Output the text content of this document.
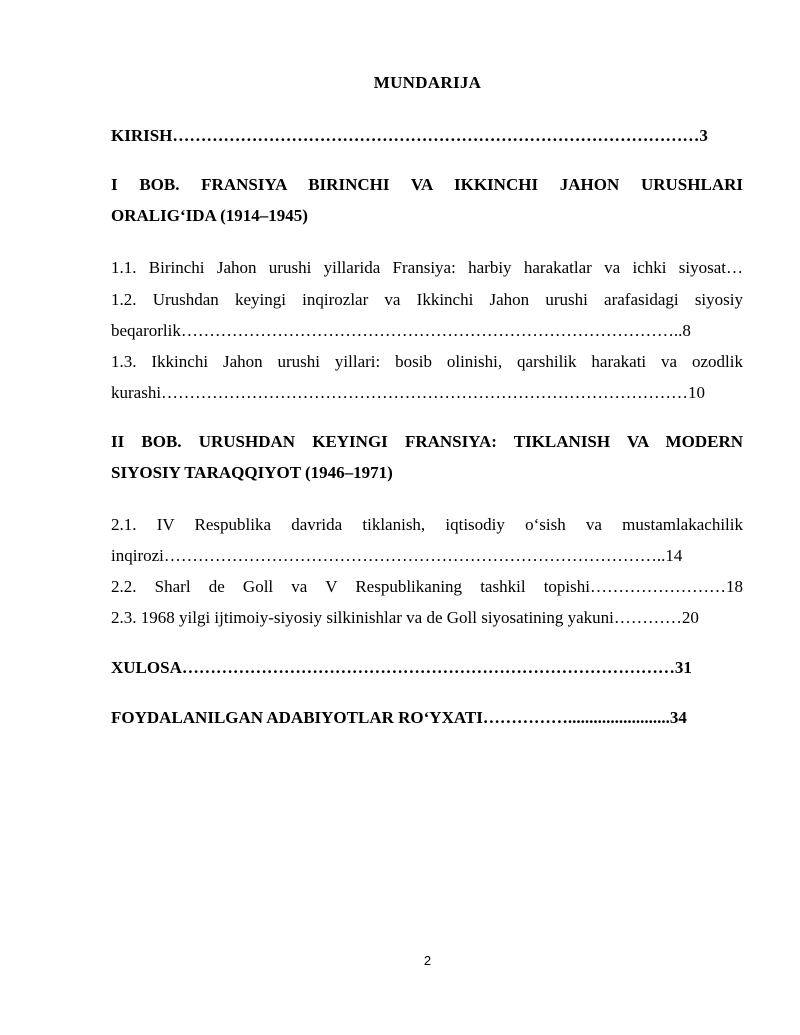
MUNDARIJA
KIRISH…………………………………………………………………………………3
I BOB. FRANSIYA BIRINCHI VA IKKINCHI JAHON URUSHLARI
ORALIG‘IDA (1914–1945)
1.1. Birinchi Jahon urushi yillarida Fransiya: harbiy harakatlar va ichki siyosat…
1.2. Urushdan keyingi inqirozlar va Ikkinchi Jahon urushi arafasidagi siyosiy
beqarorlik……………………………………………………………………………..8
1.3. Ikkinchi Jahon urushi yillari: bosib olinishi, qarshilik harakati va ozodlik
kurashi…………………………………………………………………………………10
II BOB. URUSHDAN KEYINGI FRANSIYA: TIKLANISH VA MODERN
SIYOSIY TARAQQIYOT (1946–1971)
2.1. IV Respublika davrida tiklanish, iqtisodiy o‘sish va mustamlakachilik
inqirozi……………………………………………………………………………..14
2.2. Sharl de Goll va V Respublikaning tashkil topishi……………………18
2.3. 1968 yilgi ijtimoiy-siyosiy silkinishlar va de Goll siyosatining yakuni…………20
XULOSA……………………………………………………………………………31
FOYDALANILGAN ADABIYOTLAR RO‘YXATI……………........................34
2
